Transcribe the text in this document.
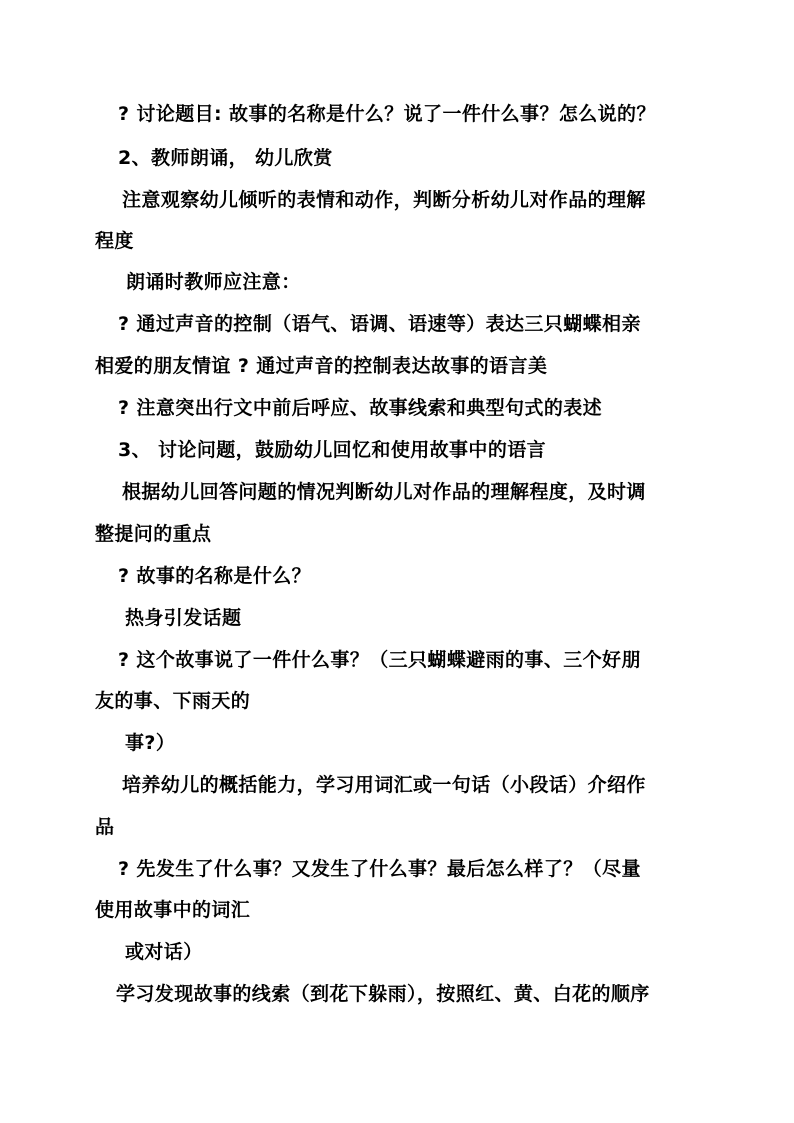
? 讨论题目: 故事的名称是什么？说了一件什么事？怎么说的？
2、教师朗诵， 幼儿欣赏
注意观察幼儿倾听的表情和动作，判断分析幼儿对作品的理解
程度
朗诵时教师应注意：
? 通过声音的控制（语气、语调、语速等）表达三只蝴蝶相亲
相爱的朋友情谊 ? 通过声音的控制表达故事的语言美
? 注意突出行文中前后呼应、故事线索和典型句式的表述
3、 讨论问题，鼓励幼儿回忆和使用故事中的语言
根据幼儿回答问题的情况判断幼儿对作品的理解程度，及时调
整提问的重点
? 故事的名称是什么？
热身引发话题
? 这个故事说了一件什么事？（三只蝴蝶避雨的事、三个好朋
友的事、下雨天的
事?）
培养幼儿的概括能力，学习用词汇或一句话（小段话）介绍作
品
? 先发生了什么事？又发生了什么事？最后怎么样了？（尽量
使用故事中的词汇
或对话）
学习发现故事的线索（到花下躲雨），按照红、黄、白花的顺序
